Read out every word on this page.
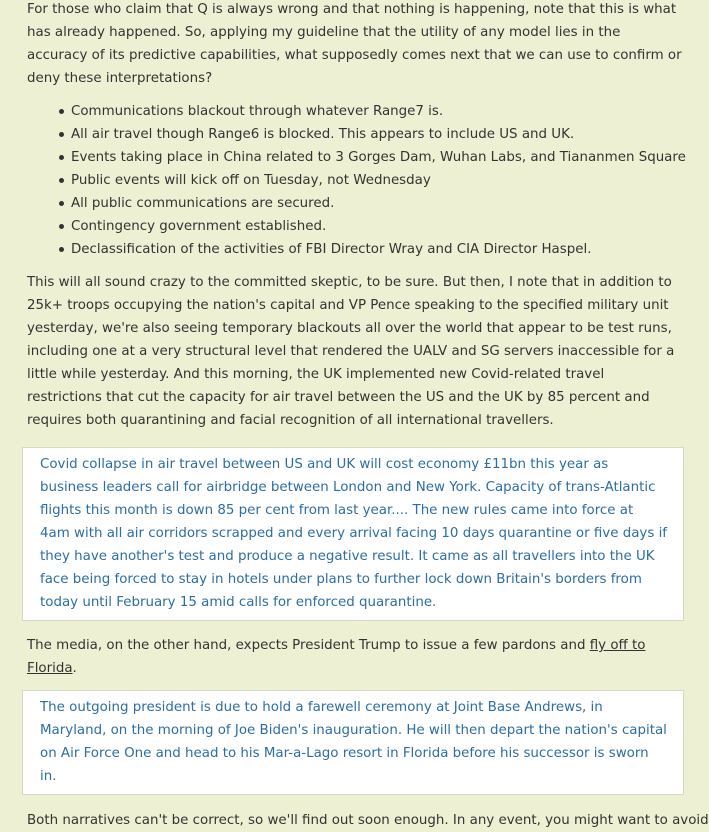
For those who claim that Q is always wrong and that nothing is happening, note that this is what has already happened. So, applying my guideline that the utility of any model lies in the accuracy of its predictive capabilities, what supposedly comes next that we can use to confirm or deny these interpretations?

Communications blackout through whatever Range7 is.
All air travel though Range6 is blocked. This appears to include US and UK.
Events taking place in China related to 3 Gorges Dam, Wuhan Labs, and Tiananmen Square
Public events will kick off on Tuesday, not Wednesday
All public communications are secured.
Contingency government established.
Declassification of the activities of FBI Director Wray and CIA Director Haspel.

This will all sound crazy to the committed skeptic, to be sure. But then, I note that in addition to 25k+ troops occupying the nation's capital and VP Pence speaking to the specified military unit yesterday, we're also seeing temporary blackouts all over the world that appear to be test runs, including one at a very structural level that rendered the UALV and SG servers inaccessible for a little while yesterday. And this morning, the UK implemented new Covid-related travel restrictions that cut the capacity for air travel between the US and the UK by 85 percent and requires both quarantining and facial recognition of all international travellers.

Covid collapse in air travel between US and UK will cost economy £11bn this year as business leaders call for airbridge between London and New York. Capacity of trans-Atlantic flights this month is down 85 per cent from last year.... The new rules came into force at 4am with all air corridors scrapped and every arrival facing 10 days quarantine or five days if they have another's test and produce a negative result. It came as all travellers into the UK face being forced to stay in hotels under plans to further lock down Britain's borders from today until February 15 amid calls for enforced quarantine.

The media, on the other hand, expects President Trump to issue a few pardons and fly off to Florida.

The outgoing president is due to hold a farewell ceremony at Joint Base Andrews, in Maryland, on the morning of Joe Biden's inauguration. He will then depart the nation's capital on Air Force One and head to his Mar-a-Lago resort in Florida before his successor is sworn in.

Both narratives can't be correct, so we'll find out soon enough. In any event, you might want to avoid
